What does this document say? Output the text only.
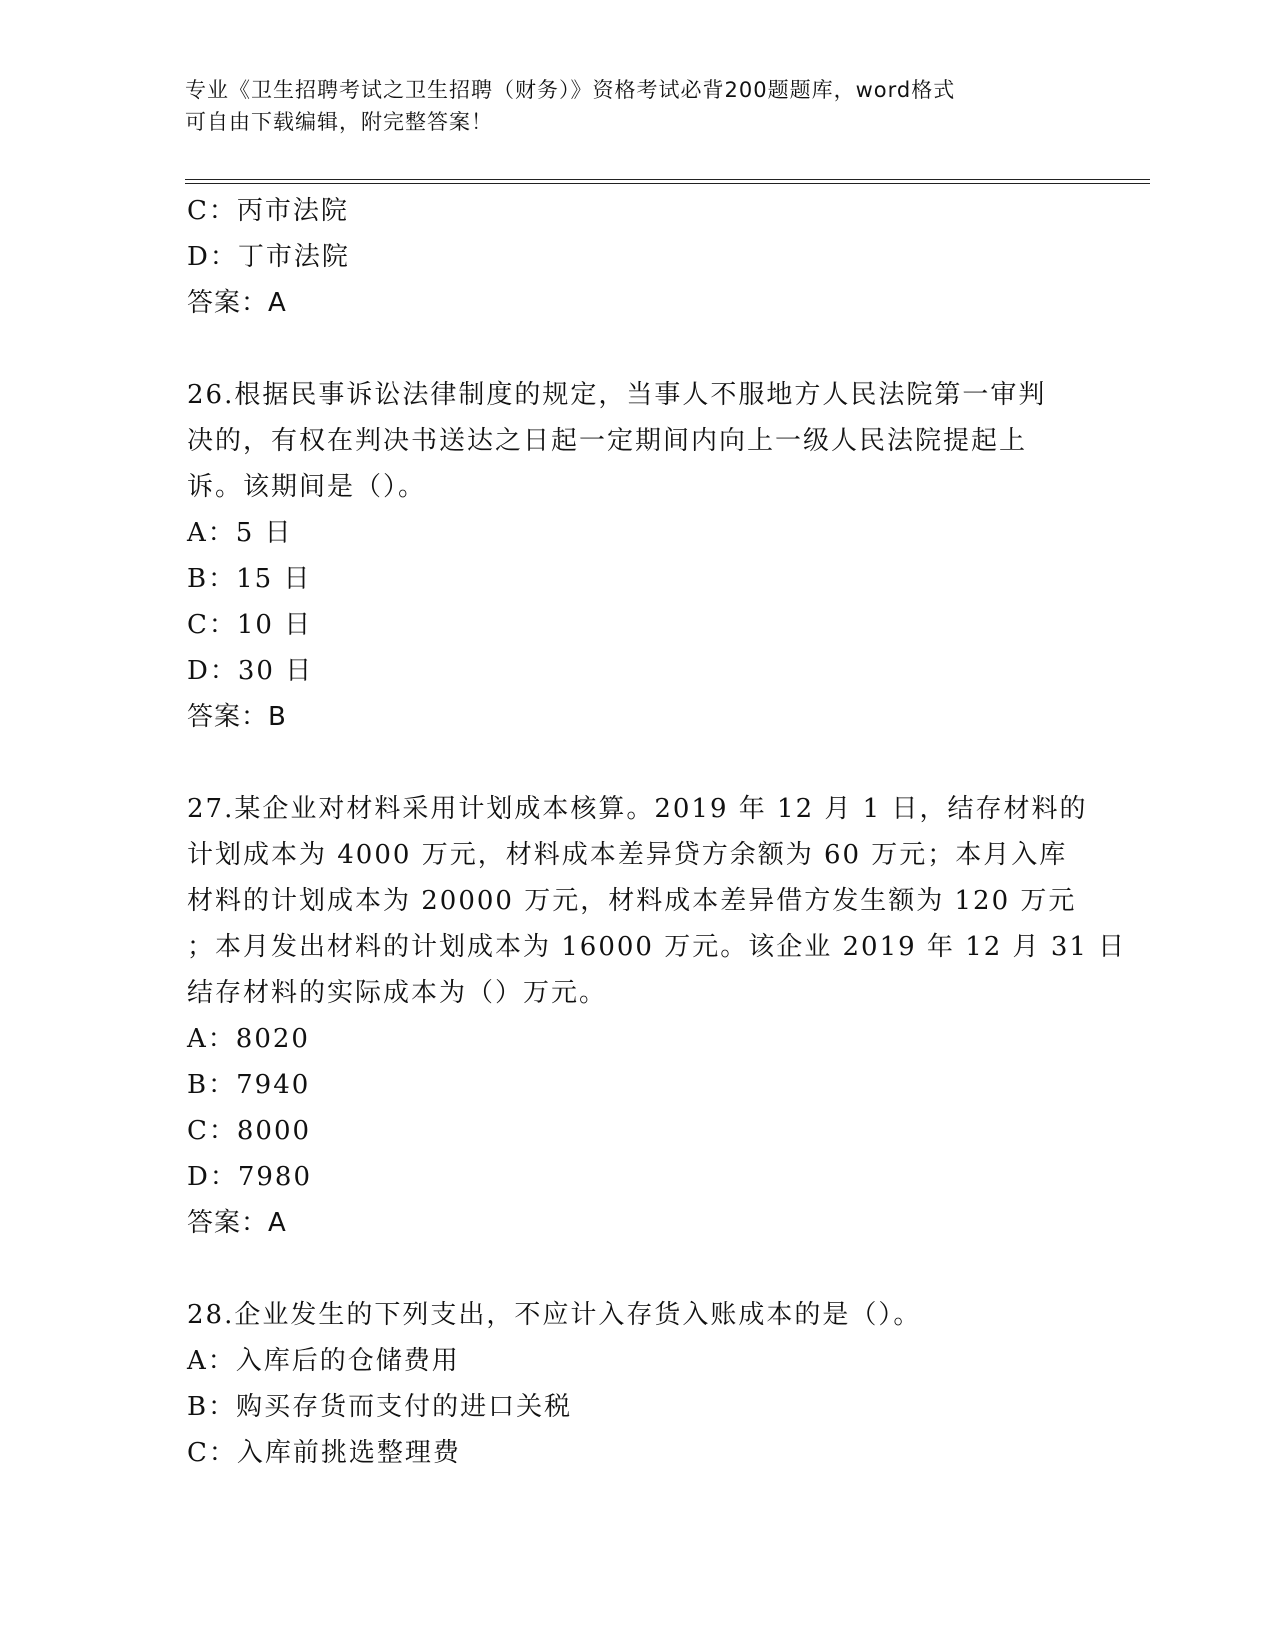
专业《卫生招聘考试之卫生招聘（财务）》资格考试必背200题题库，word格式
可自由下载编辑，附完整答案！
C：丙市法院
D：丁市法院
答案：A
26.根据民事诉讼法律制度的规定，当事人不服地方人民法院第一审判
决的，有权在判决书送达之日起一定期间内向上一级人民法院提起上
诉。该期间是（）。
A：5 日
B：15 日
C：10 日
D：30 日
答案：B
27.某企业对材料采用计划成本核算。2019 年 12 月 1 日，结存材料的
计划成本为 4000 万元，材料成本差异贷方余额为 60 万元；本月入库
材料的计划成本为 20000 万元，材料成本差异借方发生额为 120 万元
；本月发出材料的计划成本为 16000 万元。该企业 2019 年 12 月 31 日
结存材料的实际成本为（）万元。
A：8020
B：7940
C：8000
D：7980
答案：A
28.企业发生的下列支出，不应计入存货入账成本的是（）。
A：入库后的仓储费用
B：购买存货而支付的进口关税
C：入库前挑选整理费
